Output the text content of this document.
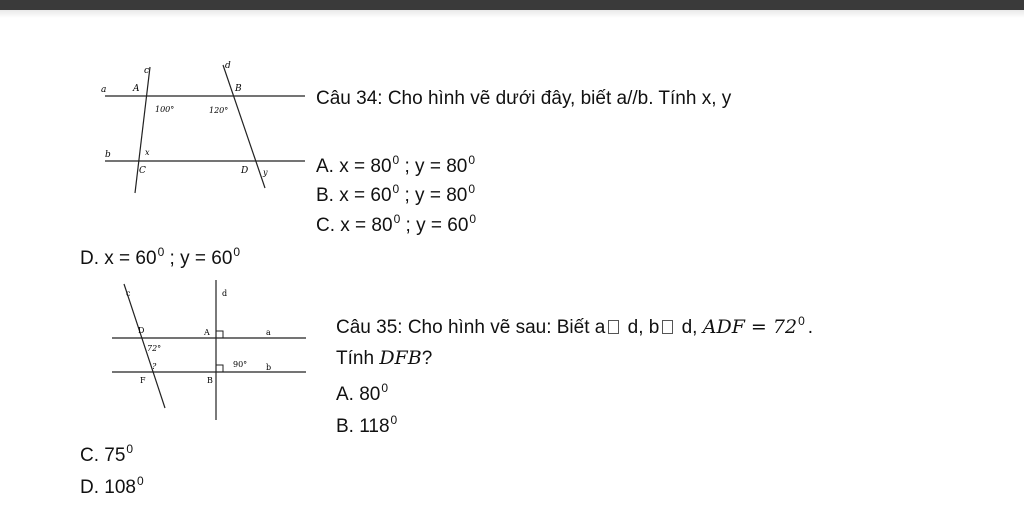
a
b
c	d
A	B
C	D
x
y
100°	120°
Câu 34: Cho hình vẽ dưới đây, biết a//b. Tính x, y
A. $x = 80^0$ ; $y = 80^0$
B. $x = 60^0$ ; $y = 80^0$
C. $x = 80^0$ ; $y = 60^0$
D. $x = 60^0$ ; $y = 60^0$
c	d
D	A	a
72°
?	90° b
F	B
Câu 35: Cho hình vẽ sau: Biết a d, b d, ADF = $72^0$ .
Tính DFB?
A. $80^0$
B. $118^0$
C. $75^0$
D. $108^0$
